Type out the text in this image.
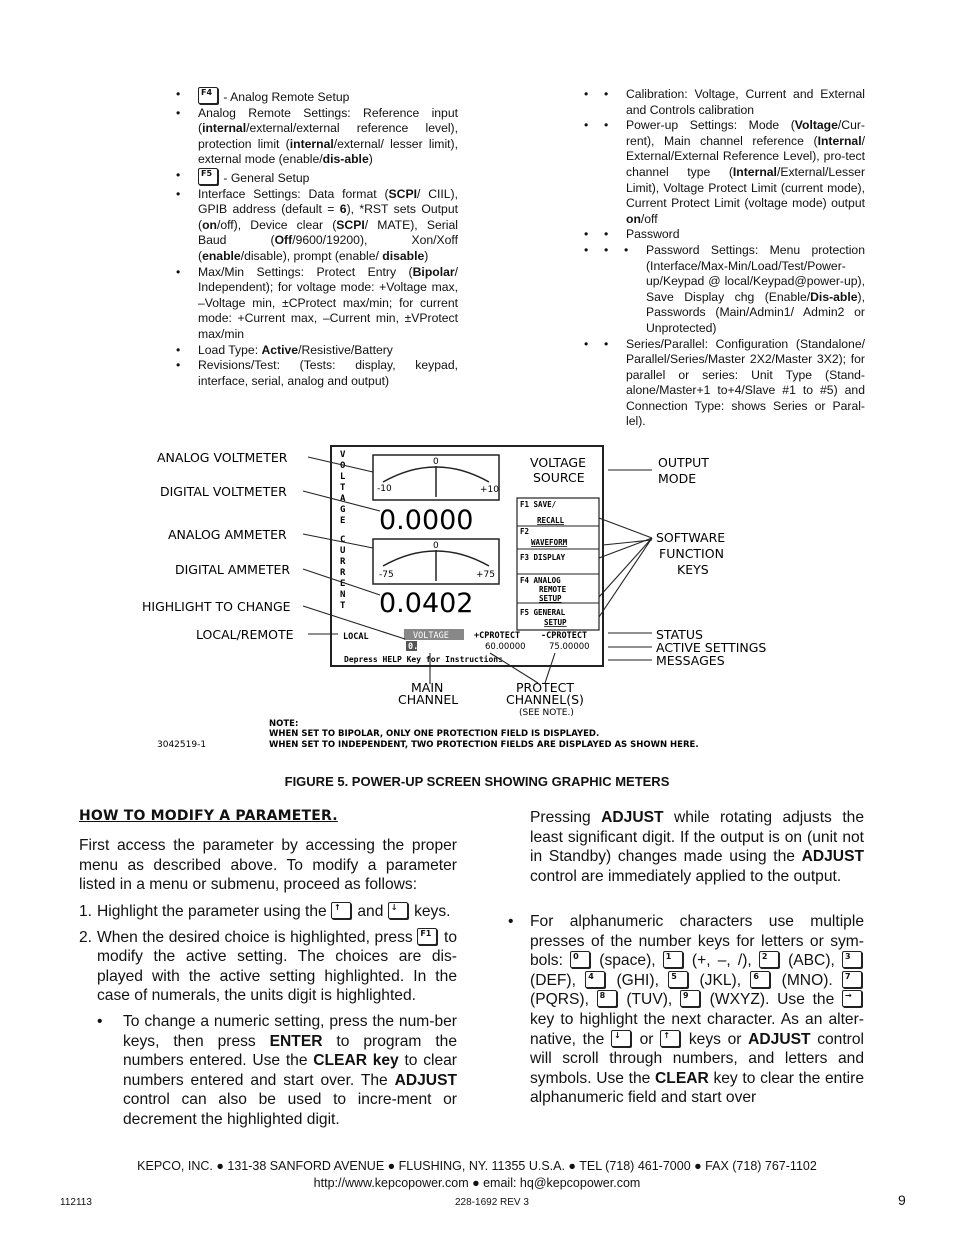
•	F4 - Analog Remote Setup
•	Analog Remote Settings: Reference input (internal/external/external reference level), protection limit (internal/external/ lesser limit), external mode (enable/dis-able)
•	F5 - General Setup
•	Interface Settings: Data format (SCPI/ CIIL), GPIB address (default = 6), *RST sets Output (on/off), Device clear (SCPI/ MATE), Serial Baud (Off/9600/19200), Xon/Xoff (enable/disable), prompt (enable/ disable)
•	Max/Min Settings: Protect Entry (Bipolar/ Independent); for voltage mode: +Voltage max, –Voltage min, ±CProtect max/min; for current mode: +Current max, –Current min, ±VProtect max/min
•	Load Type: Active/Resistive/Battery
•	Revisions/Test: (Tests: display, keypad, interface, serial, analog and output)
•	•	Calibration: Voltage, Current and External and Controls calibration
•	•	Power-up Settings: Mode (Voltage/Cur-rent), Main channel reference (Internal/ External/External Reference Level), pro-tect channel type (Internal/External/Lesser Limit), Voltage Protect Limit (current mode), Current Protect Limit (voltage mode) output on/off
•	•	Password
•	•	•	Password Settings: Menu protection (Interface/Max-Min/Load/Test/Power-up/Keypad @ local/Keypad@power-up), Save Display chg (Enable/Dis-able), Passwords (Main/Admin1/ Admin2 or Unprotected)
•	•	Series/Parallel: Configuration (Standalone/ Parallel/Series/Master 2X2/Master 3X2); for parallel or series: Unit Type (Stand-alone/Master+1 to+4/Slave #1 to #5) and Connection Type: shows Series or Paral-lel).
V
O
L
T
A
G
E
C
U
R
R
E
N
T
-10
0
+10
0.0000
-75
0
+75
0.0402
VOLTAGE
SOURCE
F1 SAVE/
RECALL
F2
WAVEFORM
F3 DISPLAY
F4 ANALOG
REMOTE
SETUP
F5 GENERAL
SETUP
LOCAL	VOLTAGE
0.0000
+CPROTECT -CPROTECT
60.00000	75.00000
Depress HELP Key for Instructions
ANALOG VOLTMETER
DIGITAL VOLTMETER
ANALOG AMMETER
DIGITAL AMMETER
HIGHLIGHT TO CHANGE
LOCAL/REMOTE
OUTPUT
MODE
SOFTWARE
FUNCTION
KEYS
STATUS
ACTIVE SETTINGS
MESSAGES
MAIN
CHANNEL
PROTECT
CHANNEL(S)
(SEE NOTE.)
NOTE:
WHEN SET TO BIPOLAR, ONLY ONE PROTECTION FIELD IS DISPLAYED.
WHEN SET TO INDEPENDENT, TWO PROTECTION FIELDS ARE DISPLAYED AS SHOWN HERE.
3042519-1
FIGURE 5. POWER-UP SCREEN SHOWING GRAPHIC METERS
HOW TO MODIFY A PARAMETER.
First access the parameter by accessing the proper menu as described above. To modify a parameter listed in a menu or submenu, proceed as follows:
1. Highlight the parameter using the ↑ and ↓ keys.
2. When the desired choice is highlighted, press F1 to modify the active setting. The choices are dis-played with the active setting highlighted. In the case of numerals, the units digit is highlighted.
•	To change a numeric setting, press the num-ber keys, then press ENTER to program the numbers entered. Use the CLEAR key to clear numbers entered and start over. The ADJUST control can also be used to incre-ment or decrement the highlighted digit.
Pressing ADJUST while rotating adjusts the least significant digit. If the output is on (unit not in Standby) changes made using the ADJUST control are immediately applied to the output.
•	For alphanumeric characters use multiple presses of the number keys for letters or sym-bols: 0 (space), 1 (+, –, /), 2 (ABC), 3
(DEF), 4 (GHI), 5 (JKL), 6 (MNO). 7
(PQRS), 8 (TUV), 9 (WXYZ). Use the →
key to highlight the next character. As an alter-native, the ↓ or ↑ keys or ADJUST control will scroll through numbers, and letters and symbols. Use the CLEAR key to clear the entire alphanumeric field and start over
KEPCO, INC. ● 131-38 SANFORD AVENUE ● FLUSHING, NY. 11355 U.S.A. ● TEL (718) 461-7000 ● FAX (718) 767-1102
http://www.kepcopower.com ● email: hq@kepcopower.com
112113	228-1692 REV 3	9
